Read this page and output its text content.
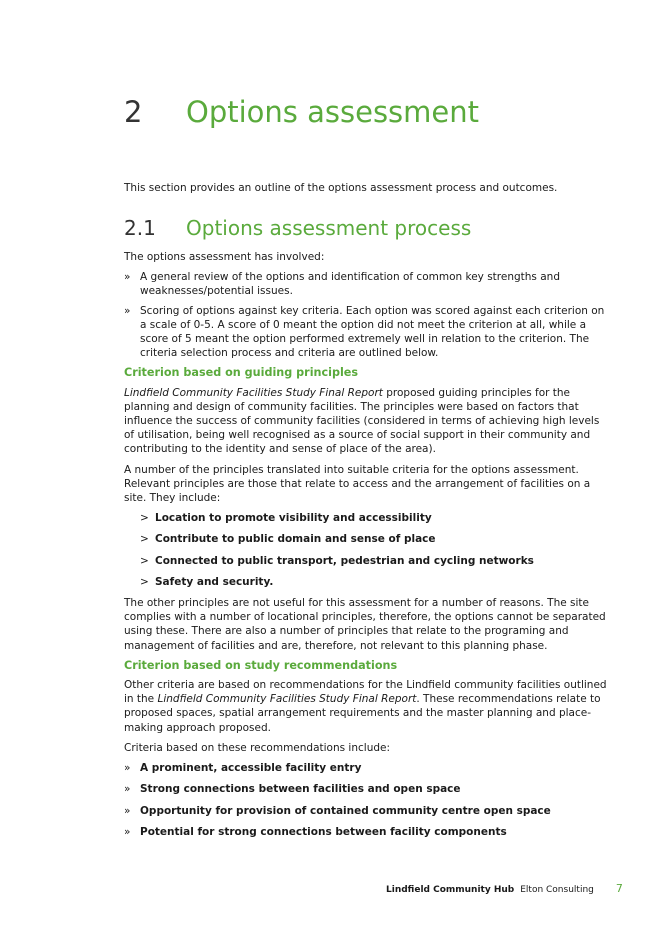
2 Options assessment
This section provides an outline of the options assessment process and outcomes.
2.1 Options assessment process

The options assessment has involved:

» A general review of the options and identification of common key strengths and weaknesses/potential issues.
» Scoring of options against key criteria. Each option was scored against each criterion on a scale of 0-5. A score of 0 meant the option did not meet the criterion at all, while a score of 5 meant the option performed extremely well in relation to the criterion. The criteria selection process and criteria are outlined below.
Criterion based on guiding principles

Lindfield Community Facilities Study Final Report proposed guiding principles for the planning and design of community facilities. The principles were based on factors that influence the success of community facilities (considered in terms of achieving high levels of utilisation, being well recognised as a source of social support in their community and contributing to the identity and sense of place of the area).

A number of the principles translated into suitable criteria for the options assessment. Relevant principles are those that relate to access and the arrangement of facilities on a site. They include:

> Location to promote visibility and accessibility
> Contribute to public domain and sense of place
> Connected to public transport, pedestrian and cycling networks
> Safety and security.

The other principles are not useful for this assessment for a number of reasons. The site complies with a number of locational principles, therefore, the options cannot be separated using these. There are also a number of principles that relate to the programing and management of facilities and are, therefore, not relevant to this planning phase.

Criterion based on study recommendations

Other criteria are based on recommendations for the Lindfield community facilities outlined in the Lindfield Community Facilities Study Final Report. These recommendations relate to proposed spaces, spatial arrangement requirements and the master planning and place-making approach proposed.

Criteria based on these recommendations include:

» A prominent, accessible facility entry
» Strong connections between facilities and open space
» Opportunity for provision of contained community centre open space
» Potential for strong connections between facility components
Lindfield Community Hub Elton Consulting 7
